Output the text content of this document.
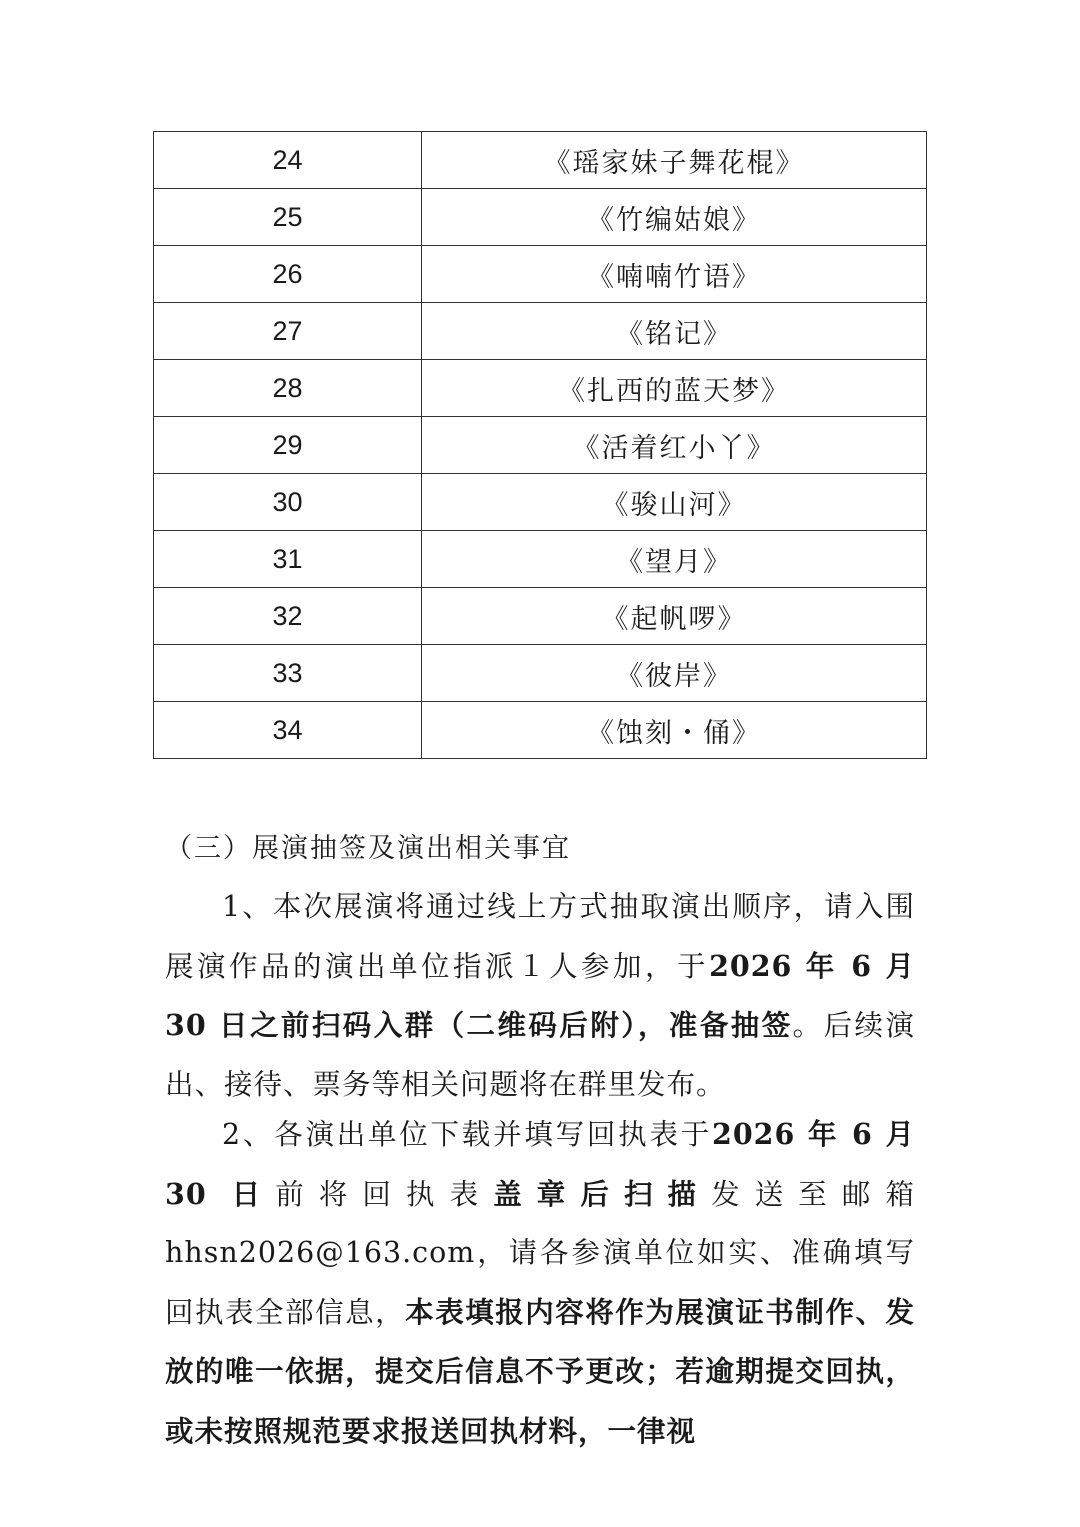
24	《瑶家妹子舞花棍》
25	《竹编姑娘》
26	《喃喃竹语》
27	《铭记》
28	《扎西的蓝天梦》
29	《活着红小丫》
30	《骏山河》
31	《望月》
32	《起帆啰》
33	《彼岸》
34	《蚀刻・俑》
（三）展演抽签及演出相关事宜

1、本次展演将通过线上方式抽取演出顺序，请入围展演作品的演出单位指派１人参加，于2026 年 6 月 30 日之前扫码入群（二维码后附），准备抽签。后续演出、接待、票务等相关问题将在群里发布。

2、各演出单位下载并填写回执表于2026 年 6 月 30 日前将回执表盖章后扫描发送至邮箱 hhsn2026@163.com，请各参演单位如实、准确填写回执表全部信息，本表填报内容将作为展演证书制作、发放的唯一依据，提交后信息不予更改；若逾期提交回执，或未按照规范要求报送回执材料，一律视
